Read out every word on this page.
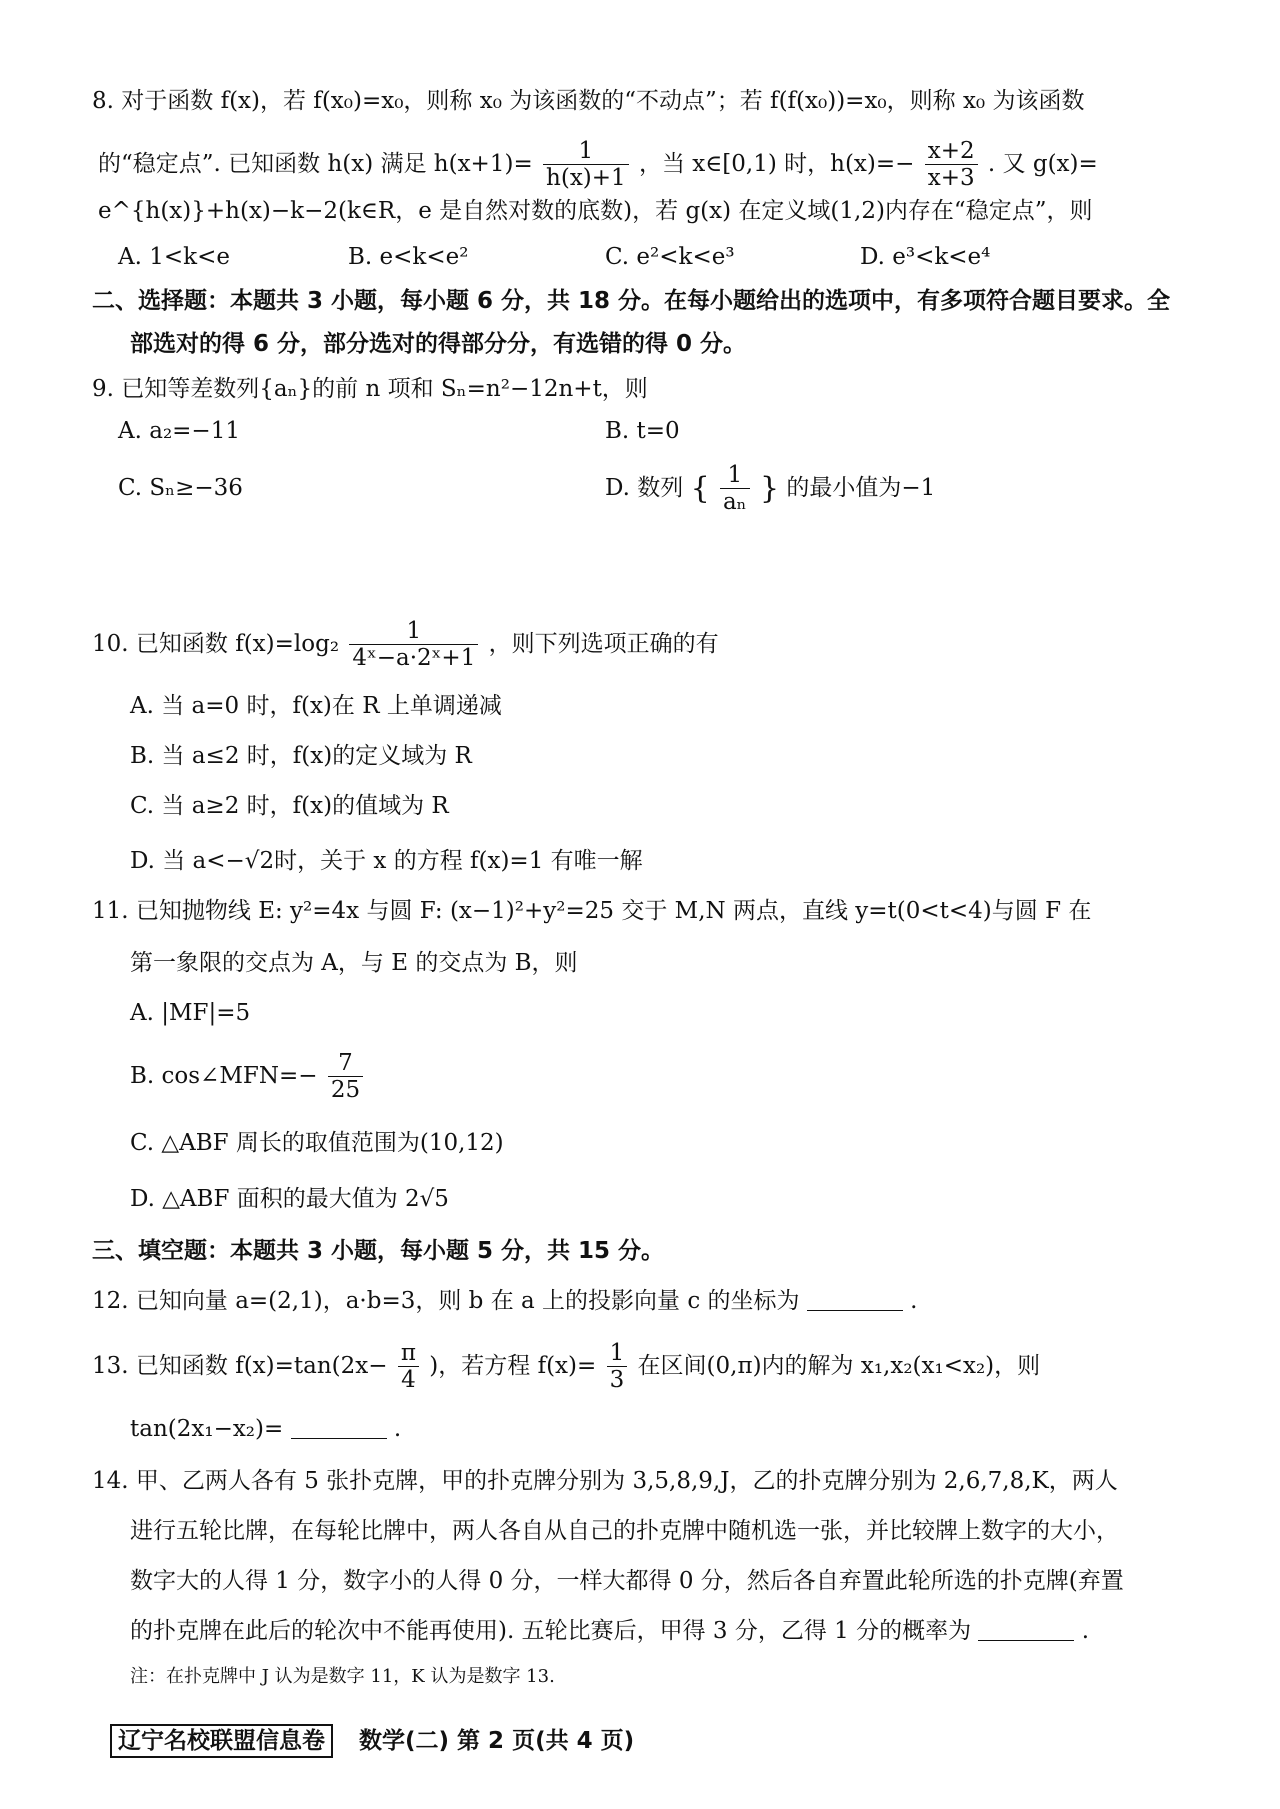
8. 对于函数 f(x)，若 f(x₀)=x₀，则称 x₀ 为该函数的“不动点”；若 f(f(x₀))=x₀，则称 x₀ 为该函数
的“稳定点”. 已知函数 h(x) 满足 $h(x+1)= \frac{1}{h(x)+1}$ ，当 x∈[0,1) 时，$h(x)=- \frac{x+2}{x+3}$ . 又 g(x)=
e^{h(x)}+h(x)−k−2(k∈R，e 是自然对数的底数)，若 g(x) 在定义域(1,2)内存在“稳定点”，则
A. 1<k<e	B. e<k<e²	C. e²<k<e³	D. e³<k<e⁴
二、选择题：本题共 3 小题，每小题 6 分，共 18 分。在每小题给出的选项中，有多项符合题目要求。全
部选对的得 6 分，部分选对的得部分分，有选错的得 0 分。
9. 已知等差数列{aₙ}的前 n 项和 Sₙ=n²−12n+t，则
A. a₂=−11	B. t=0
C. Sₙ≥−36	D. 数列 { $\frac{1}{\text{aₙ}}$ } 的最小值为−1
10. 已知函数 $f(x)=\log_2 \frac{1}{\text{4ˣ−a·2ˣ+1}}$ ，则下列选项正确的有
A. 当 a=0 时，f(x)在 R 上单调递减
B. 当 a≤2 时，f(x)的定义域为 R
C. 当 a≥2 时，f(x)的值域为 R
D. 当 a<−√2时，关于 x 的方程 f(x)=1 有唯一解
11. 已知抛物线 E: y²=4x 与圆 F: (x−1)²+y²=25 交于 M,N 两点，直线 y=t(0<t<4)与圆 F 在
第一象限的交点为 A，与 E 的交点为 B，则
A. |MF|=5
B. cos∠MFN=− $\frac{7}{25}$
C. △ABF 周长的取值范围为(10,12)
D. △ABF 面积的最大值为 2√5
三、填空题：本题共 3 小题，每小题 5 分，共 15 分。
12. 已知向量 a=(2,1)，a·b=3，则 b 在 a 上的投影向量 c 的坐标为	.
13. 已知函数 $f(x)=\tan(2x- \frac{\pi}{4}$ )，若方程 $f(x)= \frac{1}{3}$ 在区间(0,π)内的解为 x₁,x₂(x₁<x₂)，则
tan(2x₁−x₂)=	.
14. 甲、乙两人各有 5 张扑克牌，甲的扑克牌分别为 3,5,8,9,J，乙的扑克牌分别为 2,6,7,8,K，两人
进行五轮比牌，在每轮比牌中，两人各自从自己的扑克牌中随机选一张，并比较牌上数字的大小，
数字大的人得 1 分，数字小的人得 0 分，一样大都得 0 分，然后各自弃置此轮所选的扑克牌(弃置
的扑克牌在此后的轮次中不能再使用). 五轮比赛后，甲得 3 分，乙得 1 分的概率为	.
注：在扑克牌中 J 认为是数字 11，K 认为是数字 13.
辽宁名校联盟信息卷 数学(二) 第 2 页(共 4 页)
